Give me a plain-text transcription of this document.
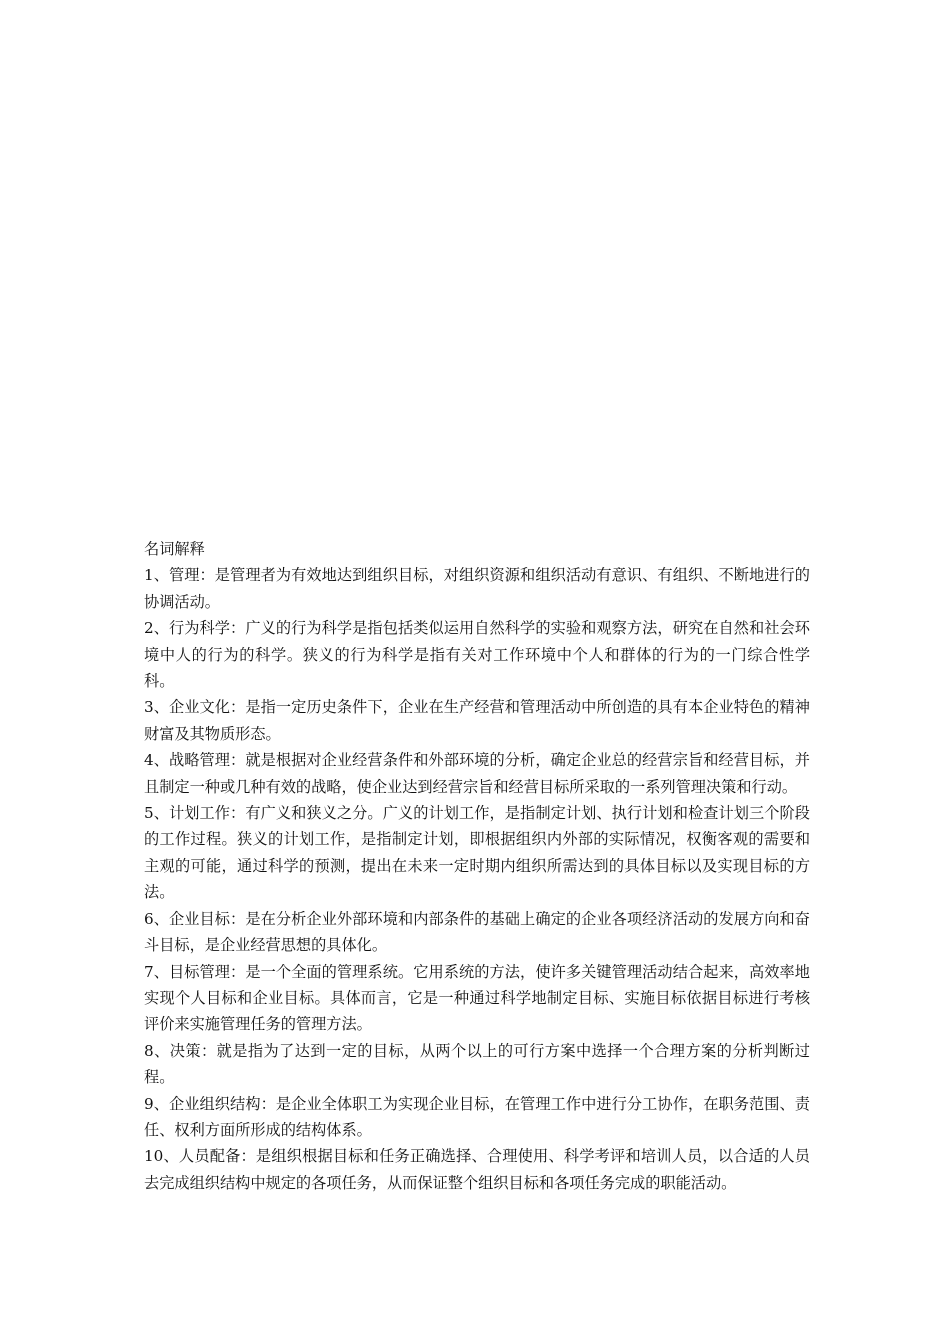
名词解释

1、管理：是管理者为有效地达到组织目标，对组织资源和组织活动有意识、有组织、不断地进行的协调活动。

2、行为科学：广义的行为科学是指包括类似运用自然科学的实验和观察方法，研究在自然和社会环境中人的行为的科学。狭义的行为科学是指有关对工作环境中个人和群体的行为的一门综合性学科。

3、企业文化：是指一定历史条件下，企业在生产经营和管理活动中所创造的具有本企业特色的精神财富及其物质形态。

4、战略管理：就是根据对企业经营条件和外部环境的分析，确定企业总的经营宗旨和经营目标，并且制定一种或几种有效的战略，使企业达到经营宗旨和经营目标所采取的一系列管理决策和行动。

5、计划工作：有广义和狭义之分。广义的计划工作，是指制定计划、执行计划和检查计划三个阶段的工作过程。狭义的计划工作，是指制定计划，即根据组织内外部的实际情况，权衡客观的需要和主观的可能，通过科学的预测，提出在未来一定时期内组织所需达到的具体目标以及实现目标的方法。

6、企业目标：是在分析企业外部环境和内部条件的基础上确定的企业各项经济活动的发展方向和奋斗目标，是企业经营思想的具体化。

7、目标管理：是一个全面的管理系统。它用系统的方法，使许多关键管理活动结合起来，高效率地实现个人目标和企业目标。具体而言，它是一种通过科学地制定目标、实施目标依据目标进行考核评价来实施管理任务的管理方法。

8、决策：就是指为了达到一定的目标，从两个以上的可行方案中选择一个合理方案的分析判断过程。

9、企业组织结构：是企业全体职工为实现企业目标，在管理工作中进行分工协作，在职务范围、责任、权利方面所形成的结构体系。

10、人员配备：是组织根据目标和任务正确选择、合理使用、科学考评和培训人员，以合适的人员去完成组织结构中规定的各项任务，从而保证整个组织目标和各项任务完成的职能活动。
